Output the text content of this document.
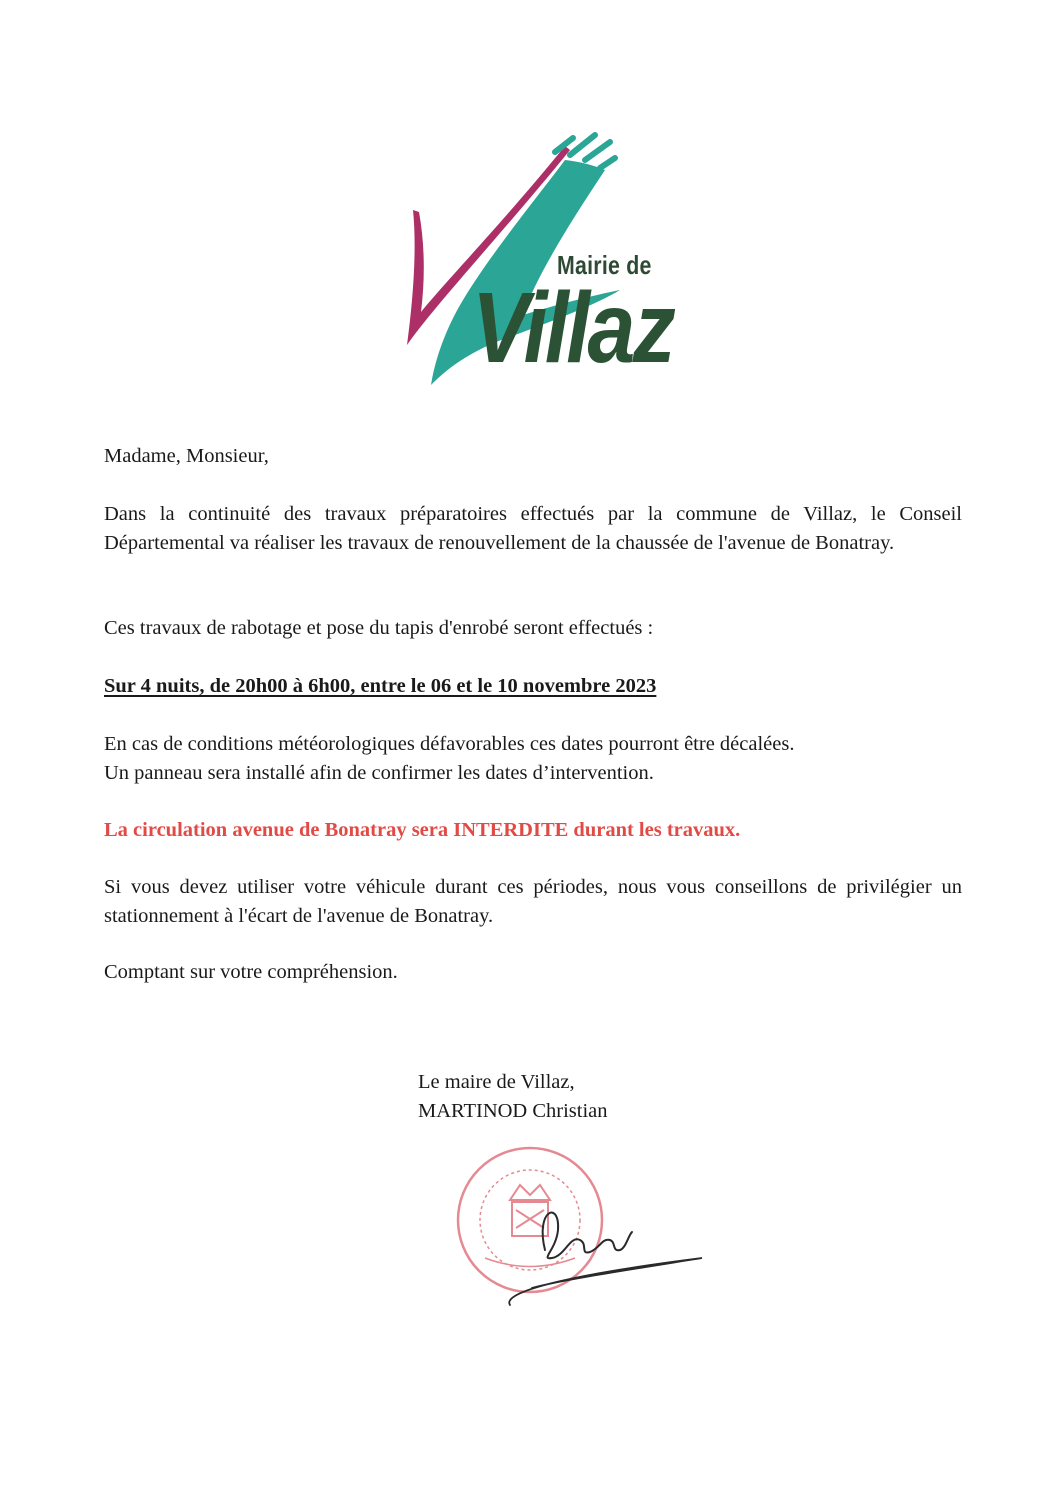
Mairie de
Villaz

Madame, Monsieur,

Dans la continuité des travaux préparatoires effectués par la commune de Villaz, le Conseil Départemental va réaliser les travaux de renouvellement de la chaussée de l'avenue de Bonatray.

Ces travaux de rabotage et pose du tapis d'enrobé seront effectués :

Sur 4 nuits, de 20h00 à 6h00, entre le 06 et le 10 novembre 2023

En cas de conditions météorologiques défavorables ces dates pourront être décalées.

Un panneau sera installé afin de confirmer les dates d’intervention.

La circulation avenue de Bonatray sera INTERDITE durant les travaux.

Si vous devez utiliser votre véhicule durant ces périodes, nous vous conseillons de privilégier un stationnement à l'écart de l'avenue de Bonatray.

Comptant sur votre compréhension.

Le maire de Villaz,
MARTINOD Christian
